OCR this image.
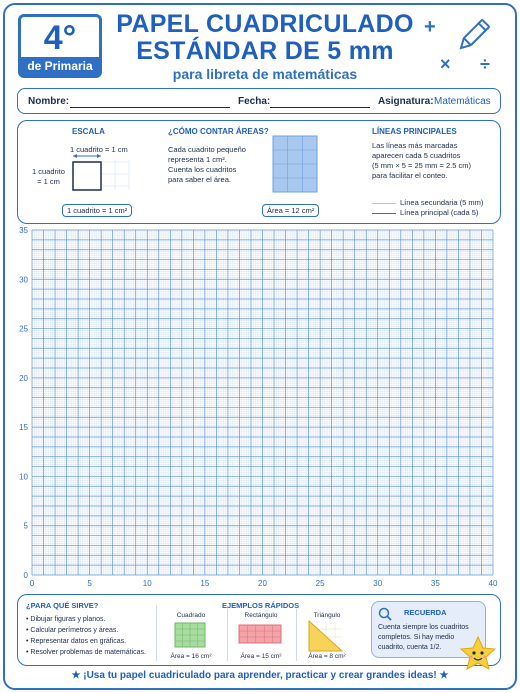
4°
de Primaria
PAPEL CUADRICULADO
ESTÁNDAR DE 5 mm
para libreta de matemáticas
+
× ÷
Nombre:	Fecha:	Asignatura: Matemáticas
ESCALA
1 cuadrito = 1 cm
1 cuadrito
= 1 cm
1 cuadrito = 1 cm²
¿CÓMO CONTAR ÁREAS?
Cada cuadrito pequeño
representa 1 cm².
Cuenta los cuadritos
para saber el área.
Área = 12 cm²
LÍNEAS PRINCIPALES
Las líneas más marcadas
aparecen cada 5 cuadritos
(5 mm × 5 = 25 mm = 2.5 cm)
para facilitar el conteo.
Línea secundaria (5 mm)
Línea principal (cada 5)
0	5	10	15	20	25	30	35	40
0
5
10
15
20
25
30
35
¿PARA QUÉ SIRVE?
• Dibujar figuras y planos.
• Calcular perímetros y áreas.
• Representar datos en gráficas.
• Resolver problemas de matemáticas.
EJEMPLOS RÁPIDOS
Cuadrado
Área = 16 cm²
Rectángulo
Área = 15 cm²
Triángulo
Área = 8 cm²
RECUERDA
Cuenta siempre los cuadritos
completos. Si hay medio
cuadrito, cuenta 1/2.
★ ¡Usa tu papel cuadriculado para aprender, practicar y crear grandes ideas! ★
